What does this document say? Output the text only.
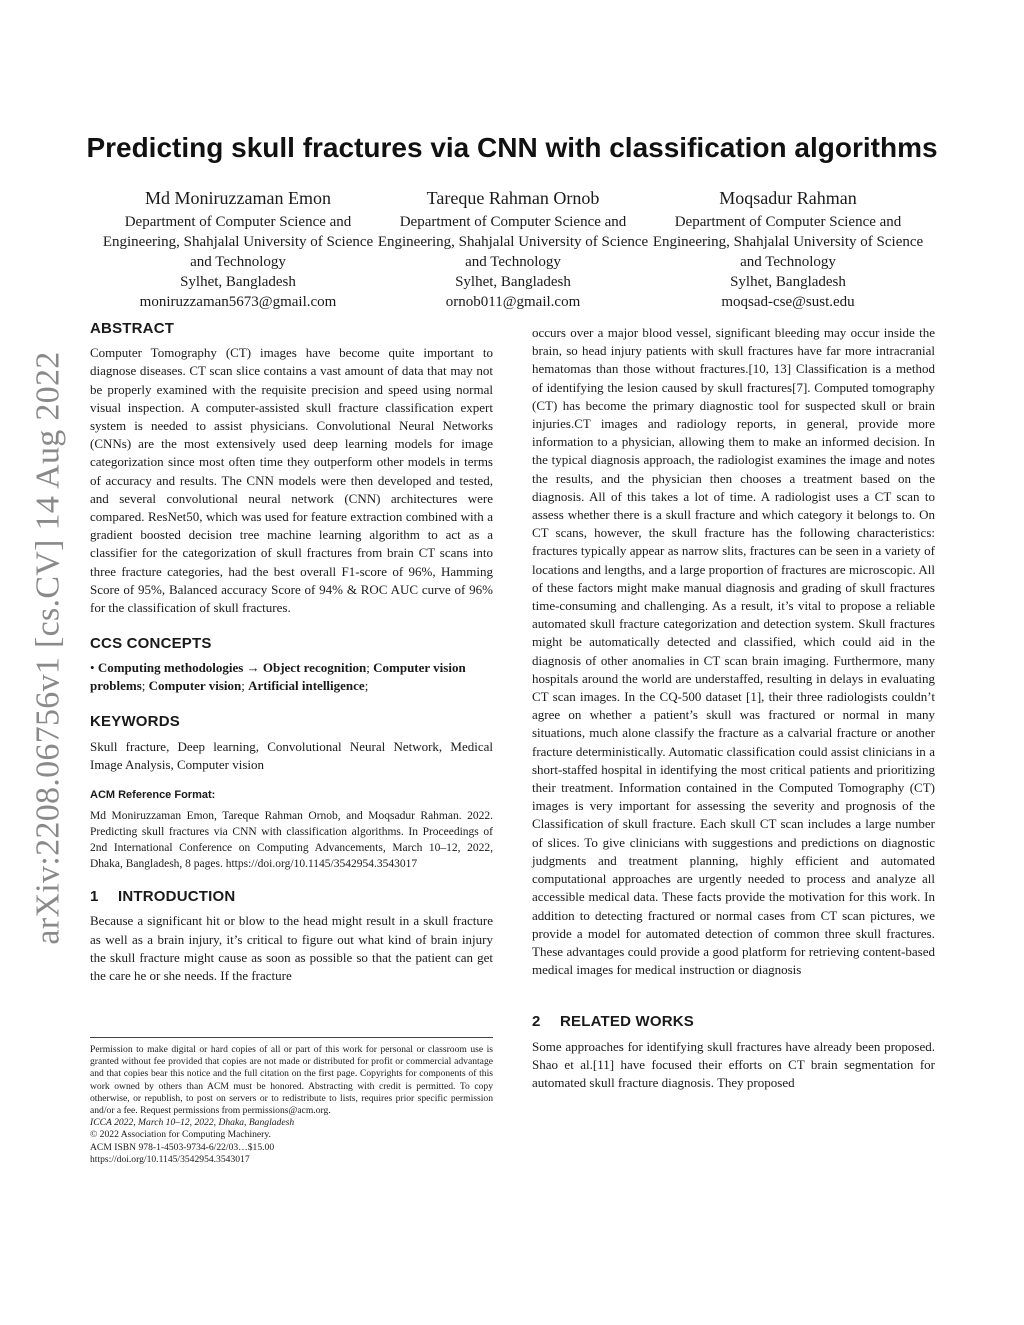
arXiv:2208.06756v1 [cs.CV] 14 Aug 2022
Predicting skull fractures via CNN with classification algorithms
Md Moniruzzaman Emon
Department of Computer Science and Engineering, Shahjalal University of Science and Technology
Sylhet, Bangladesh
moniruzzaman5673@gmail.com
Tareque Rahman Ornob
Department of Computer Science and Engineering, Shahjalal University of Science and Technology
Sylhet, Bangladesh
ornob011@gmail.com
Moqsadur Rahman
Department of Computer Science and Engineering, Shahjalal University of Science and Technology
Sylhet, Bangladesh
moqsad-cse@sust.edu
ABSTRACT

Computer Tomography (CT) images have become quite important to diagnose diseases. CT scan slice contains a vast amount of data that may not be properly examined with the requisite precision and speed using normal visual inspection. A computer-assisted skull fracture classification expert system is needed to assist physicians. Convolutional Neural Networks (CNNs) are the most extensively used deep learning models for image categorization since most often time they outperform other models in terms of accuracy and results. The CNN models were then developed and tested, and several convolutional neural network (CNN) architectures were compared. ResNet50, which was used for feature extraction combined with a gradient boosted decision tree machine learning algorithm to act as a classifier for the categorization of skull fractures from brain CT scans into three fracture categories, had the best overall F1-score of 96%, Hamming Score of 95%, Balanced accuracy Score of 94% & ROC AUC curve of 96% for the classification of skull fractures.

CCS CONCEPTS

• Computing methodologies → Object recognition; Computer vision problems; Computer vision; Artificial intelligence;

KEYWORDS

Skull fracture, Deep learning, Convolutional Neural Network, Medical Image Analysis, Computer vision

ACM Reference Format:

Md Moniruzzaman Emon, Tareque Rahman Ornob, and Moqsadur Rahman. 2022. Predicting skull fractures via CNN with classification algorithms. In Proceedings of 2nd International Conference on Computing Advancements, March 10–12, 2022, Dhaka, Bangladesh, 8 pages. https://doi.org/10.1145/3542954.3543017

1 INTRODUCTION

Because a significant hit or blow to the head might result in a skull fracture as well as a brain injury, it’s critical to figure out what kind of brain injury the skull fracture might cause as soon as possible so that the patient can get the care he or she needs. If the fracture

Permission to make digital or hard copies of all or part of this work for personal or classroom use is granted without fee provided that copies are not made or distributed for profit or commercial advantage and that copies bear this notice and the full citation on the first page. Copyrights for components of this work owned by others than ACM must be honored. Abstracting with credit is permitted. To copy otherwise, or republish, to post on servers or to redistribute to lists, requires prior specific permission and/or a fee. Request permissions from permissions@acm.org.

ICCA 2022, March 10–12, 2022, Dhaka, Bangladesh
© 2022 Association for Computing Machinery.
ACM ISBN 978-1-4503-9734-6/22/03…$15.00
https://doi.org/10.1145/3542954.3543017

occurs over a major blood vessel, significant bleeding may occur inside the brain, so head injury patients with skull fractures have far more intracranial hematomas than those without fractures.[10, 13] Classification is a method of identifying the lesion caused by skull fractures[7]. Computed tomography (CT) has become the primary diagnostic tool for suspected skull or brain injuries.CT images and radiology reports, in general, provide more information to a physician, allowing them to make an informed decision. In the typical diagnosis approach, the radiologist examines the image and notes the results, and the physician then chooses a treatment based on the diagnosis. All of this takes a lot of time. A radiologist uses a CT scan to assess whether there is a skull fracture and which category it belongs to. On CT scans, however, the skull fracture has the following characteristics: fractures typically appear as narrow slits, fractures can be seen in a variety of locations and lengths, and a large proportion of fractures are microscopic. All of these factors might make manual diagnosis and grading of skull fractures time-consuming and challenging. As a result, it’s vital to propose a reliable automated skull fracture categorization and detection system. Skull fractures might be automatically detected and classified, which could aid in the diagnosis of other anomalies in CT scan brain imaging. Furthermore, many hospitals around the world are understaffed, resulting in delays in evaluating CT scan images. In the CQ-500 dataset [1], their three radiologists couldn’t agree on whether a patient’s skull was fractured or normal in many situations, much alone classify the fracture as a calvarial fracture or another fracture deterministically. Automatic classification could assist clinicians in a short-staffed hospital in identifying the most critical patients and prioritizing their treatment. Information contained in the Computed Tomography (CT) images is very important for assessing the severity and prognosis of the Classification of skull fracture. Each skull CT scan includes a large number of slices. To give clinicians with suggestions and predictions on diagnostic judgments and treatment planning, highly efficient and automated computational approaches are urgently needed to process and analyze all accessible medical data. These facts provide the motivation for this work. In addition to detecting fractured or normal cases from CT scan pictures, we provide a model for automated detection of common three skull fractures. These advantages could provide a good platform for retrieving content-based medical images for medical instruction or diagnosis

2 RELATED WORKS

Some approaches for identifying skull fractures have already been proposed. Shao et al.[11] have focused their efforts on CT brain segmentation for automated skull fracture diagnosis. They proposed
